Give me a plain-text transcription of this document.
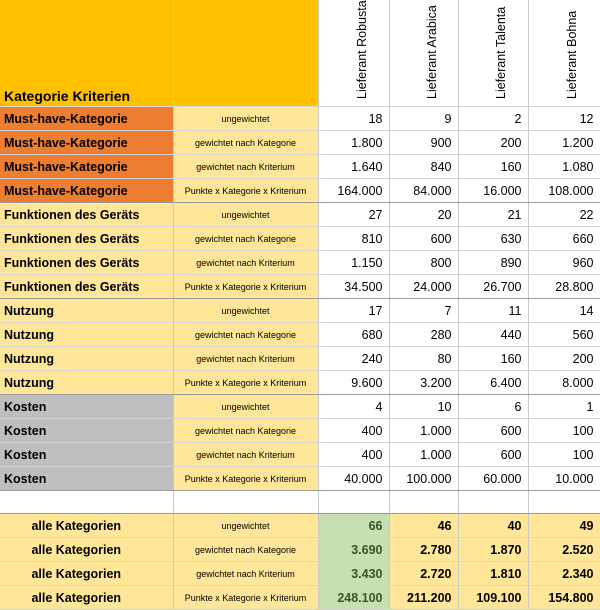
Kategorie Kriterien		Lieferant Robusta	Lieferant Arabica	Lieferant Talenta	Lieferant Bohna

Must-have-Kategorie	ungewichtet	18	9	2	12
Must-have-Kategorie	gewichtet nach Kategorie	1.800	900	200	1.200
Must-have-Kategorie	gewichtet nach Kriterium	1.640	840	160	1.080
Must-have-Kategorie	Punkte x Kategorie x Kriterium	164.000	84.000	16.000	108.000
Funktionen des Geräts	ungewichtet	27	20	21	22
Funktionen des Geräts	gewichtet nach Kategorie	810	600	630	660
Funktionen des Geräts	gewichtet nach Kriterium	1.150	800	890	960
Funktionen des Geräts	Punkte x Kategorie x Kriterium	34.500	24.000	26.700	28.800
Nutzung	ungewichtet	17	7	11	14
Nutzung	gewichtet nach Kategorie	680	280	440	560
Nutzung	gewichtet nach Kriterium	240	80	160	200
Nutzung	Punkte x Kategorie x Kriterium	9.600	3.200	6.400	8.000
Kosten	ungewichtet	4	10	6	1
Kosten	gewichtet nach Kategorie	400	1.000	600	100
Kosten	gewichtet nach Kriterium	400	1.000	600	100
Kosten	Punkte x Kategorie x Kriterium	40.000	100.000	60.000	10.000

alle Kategorien	ungewichtet	66	46	40	49
alle Kategorien	gewichtet nach Kategorie	3.690	2.780	1.870	2.520
alle Kategorien	gewichtet nach Kriterium	3.430	2.720	1.810	2.340
alle Kategorien	Punkte x Kategorie x Kriterium	248.100	211.200	109.100	154.800
